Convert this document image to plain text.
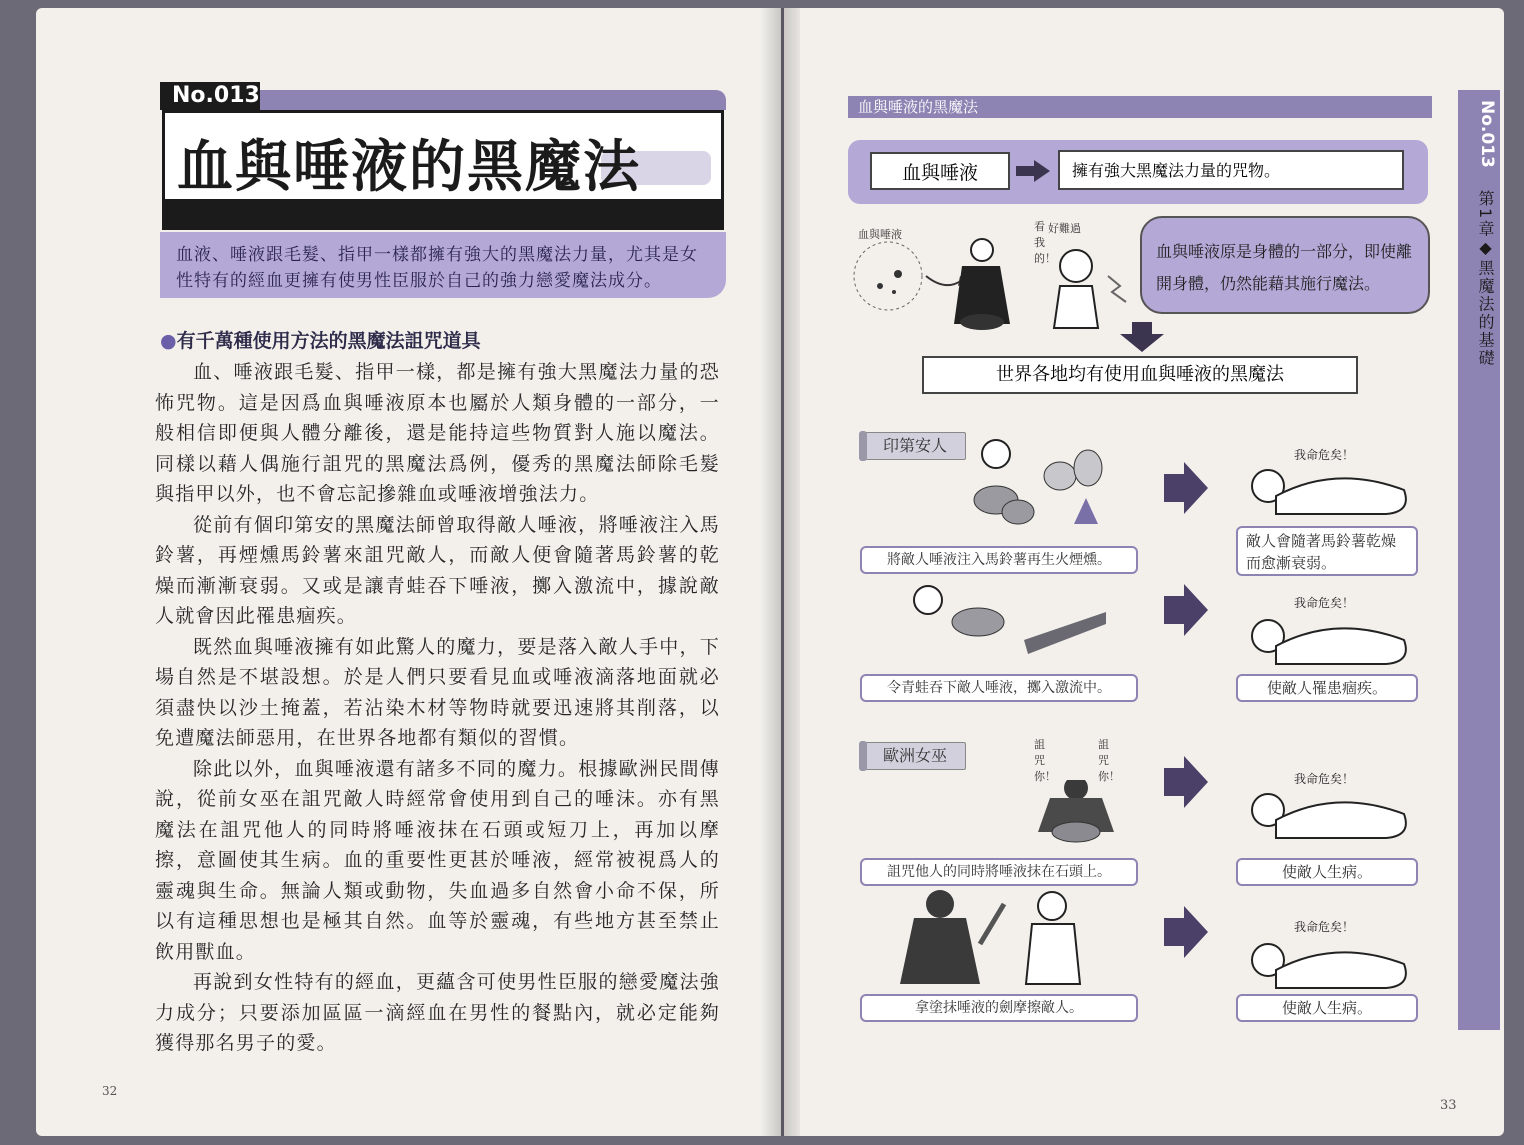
No.013
血與唾液的黑魔法
血液、唾液跟毛髮、指甲一樣都擁有強大的黑魔法力量，尤其是女性特有的經血更擁有使男性臣服於自己的強力戀愛魔法成分。
●有千萬種使用方法的黑魔法詛咒道具

血、唾液跟毛髮、指甲一樣，都是擁有強大黑魔法力量的恐怖咒物。這是因爲血與唾液原本也屬於人類身體的一部分，一般相信即便與人體分離後，還是能持這些物質對人施以魔法。同樣以藉人偶施行詛咒的黑魔法爲例，優秀的黑魔法師除毛髮與指甲以外，也不會忘記摻雜血或唾液增強法力。

從前有個印第安的黑魔法師曾取得敵人唾液，將唾液注入馬鈴薯，再煙燻馬鈴薯來詛咒敵人，而敵人便會隨著馬鈴薯的乾燥而漸漸衰弱。又或是讓青蛙吞下唾液，擲入激流中，據說敵人就會因此罹患痼疾。

既然血與唾液擁有如此驚人的魔力，要是落入敵人手中，下場自然是不堪設想。於是人們只要看見血或唾液滴落地面就必須盡快以沙土掩蓋，若沾染木材等物時就要迅速將其削落，以免遭魔法師惡用，在世界各地都有類似的習慣。

除此以外，血與唾液還有諸多不同的魔力。根據歐洲民間傳說，從前女巫在詛咒敵人時經常會使用到自己的唾沫。亦有黑魔法在詛咒他人的同時將唾液抹在石頭或短刀上，再加以摩擦，意圖使其生病。血的重要性更甚於唾液，經常被視爲人的靈魂與生命。無論人類或動物，失血過多自然會小命不保，所以有這種思想也是極其自然。血等於靈魂，有些地方甚至禁止飲用獸血。

再說到女性特有的經血，更蘊含可使男性臣服的戀愛魔法強力成分；只要添加區區一滴經血在男性的餐點內，就必定能夠獲得那名男子的愛。

32
血與唾液的黑魔法	No.013
第1章◆黑魔法的基礎
血與唾液	擁有強大黑魔法力量的咒物。
血與唾液
看我的！
好難過
血與唾液原是身體的一部分，即使離開身體，仍然能藉其施行魔法。
世界各地均有使用血與唾液的黑魔法
印第安人	我命危矣！
將敵人唾液注入馬鈴薯再生火煙燻。
敵人會隨著馬鈴薯乾燥而愈漸衰弱。
我命危矣！
令青蛙吞下敵人唾液，擲入激流中。	使敵人罹患痼疾。
歐洲女巫
詛咒你！
詛咒你！	我命危矣！
詛咒他人的同時將唾液抹在石頭上。	使敵人生病。
我命危矣！
拿塗抹唾液的劍摩擦敵人。	使敵人生病。
33
